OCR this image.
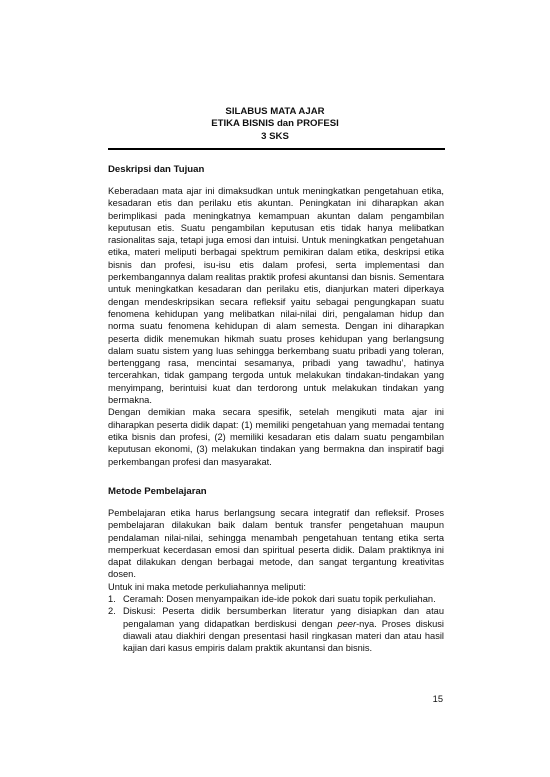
SILABUS MATA AJAR
ETIKA BISNIS dan PROFESI
3 SKS
Deskripsi dan Tujuan

Keberadaan mata ajar ini dimaksudkan untuk meningkatkan pengetahuan etika, kesadaran etis dan perilaku etis akuntan. Peningkatan ini diharapkan akan berimplikasi pada meningkatnya kemampuan akuntan dalam pengambilan keputusan etis. Suatu pengambilan keputusan etis tidak hanya melibatkan rasionalitas saja, tetapi juga emosi dan intuisi. Untuk meningkatkan pengetahuan etika, materi meliputi berbagai spektrum pemikiran dalam etika, deskripsi etika bisnis dan profesi, isu-isu etis dalam profesi, serta implementasi dan perkembangannya dalam realitas praktik profesi akuntansi dan bisnis. Sementara untuk meningkatkan kesadaran dan perilaku etis, dianjurkan materi diperkaya dengan mendeskripsikan secara refleksif yaitu sebagai pengungkapan suatu fenomena kehidupan yang melibatkan nilai-nilai diri, pengalaman hidup dan norma suatu fenomena kehidupan di alam semesta. Dengan ini diharapkan peserta didik menemukan hikmah suatu proses kehidupan yang berlangsung dalam suatu sistem yang luas sehingga berkembang suatu pribadi yang toleran, bertenggang rasa, mencintai sesamanya, pribadi yang tawadhu’, hatinya tercerahkan, tidak gampang tergoda untuk melakukan tindakan-tindakan yang menyimpang, berintuisi kuat dan terdorong untuk melakukan tindakan yang bermakna.

Dengan demikian maka secara spesifik, setelah mengikuti mata ajar ini diharapkan peserta didik dapat: (1) memiliki pengetahuan yang memadai tentang etika bisnis dan profesi, (2) memiliki kesadaran etis dalam suatu pengambilan keputusan ekonomi, (3) melakukan tindakan yang bermakna dan inspiratif bagi perkembangan profesi dan masyarakat.

Metode Pembelajaran

Pembelajaran etika harus berlangsung secara integratif dan refleksif. Proses pembelajaran dilakukan baik dalam bentuk transfer pengetahuan maupun pendalaman nilai-nilai, sehingga menambah pengetahuan tentang etika serta memperkuat kecerdasan emosi dan spiritual peserta didik. Dalam praktiknya ini dapat dilakukan dengan berbagai metode, dan sangat tergantung kreativitas dosen.

Untuk ini maka metode perkuliahannya meliputi:

1. Ceramah: Dosen menyampaikan ide-ide pokok dari suatu topik perkuliahan.
2. Diskusi: Peserta didik bersumberkan literatur yang disiapkan dan atau pengalaman yang didapatkan berdiskusi dengan peer-nya. Proses diskusi diawali atau diakhiri dengan presentasi hasil ringkasan materi dan atau hasil kajian dari kasus empiris dalam praktik akuntansi dan bisnis.
15
